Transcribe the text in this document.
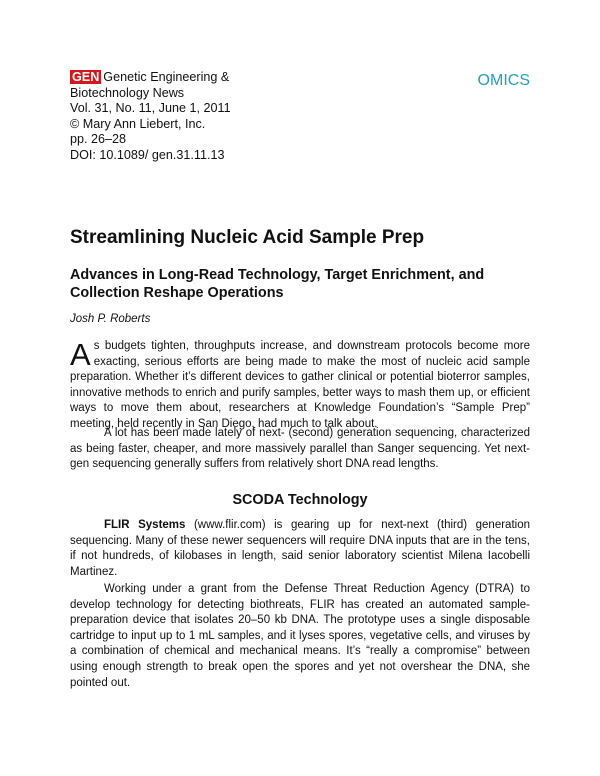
GEN Genetic Engineering &
Biotechnology News
Vol. 31, No. 11, June 1, 2011
© Mary Ann Liebert, Inc.
pp. 26–28
DOI: 10.1089/ gen.31.11.13
OMICS
Streamlining Nucleic Acid Sample Prep
Advances in Long-Read Technology, Target Enrichment, and Collection Reshape Operations
Josh P. Roberts

As budgets tighten, throughputs increase, and downstream protocols become more exacting, serious efforts are being made to make the most of nucleic acid sample preparation. Whether it’s different devices to gather clinical or potential bioterror samples, innovative methods to enrich and purify samples, better ways to mash them up, or efficient ways to move them about, researchers at Knowledge Foundation’s “Sample Prep” meeting, held recently in San Diego, had much to talk about.

A lot has been made lately of next- (second) generation sequencing, characterized as being faster, cheaper, and more massively parallel than Sanger sequencing. Yet next-gen sequencing generally suffers from relatively short DNA read lengths.

SCODA Technology

FLIR Systems (www.flir.com) is gearing up for next-next (third) generation sequencing. Many of these newer sequencers will require DNA inputs that are in the tens, if not hundreds, of kilobases in length, said senior laboratory scientist Milena Iacobelli Martinez.

Working under a grant from the Defense Threat Reduction Agency (DTRA) to develop technology for detecting biothreats, FLIR has created an automated sample-preparation device that isolates 20–50 kb DNA. The prototype uses a single disposable cartridge to input up to 1 mL samples, and it lyses spores, vegetative cells, and viruses by a combination of chemical and mechanical means. It’s “really a compromise” between using enough strength to break open the spores and yet not overshear the DNA, she pointed out.
